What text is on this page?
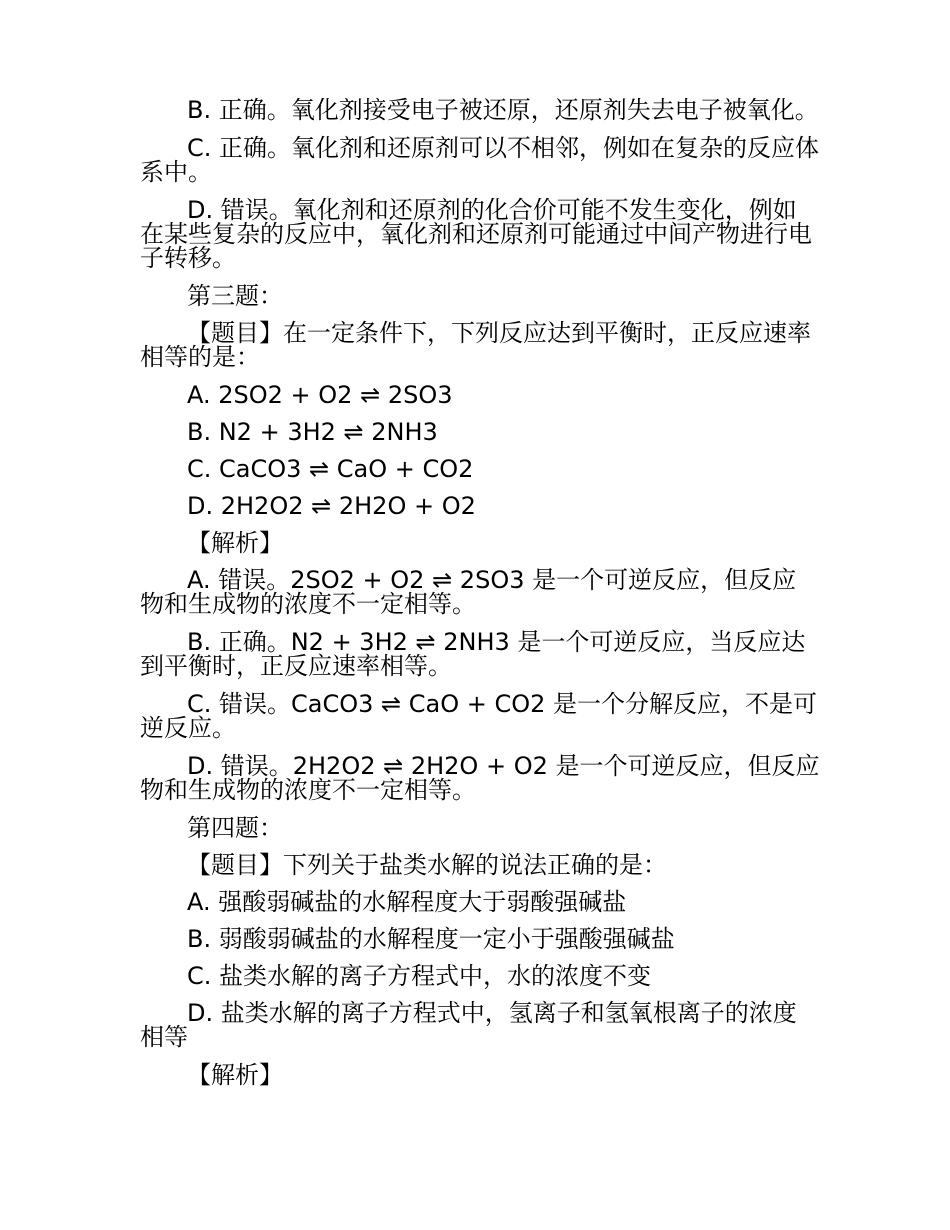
B. 正确。氧化剂接受电子被还原，还原剂失去电子被氧化。

C. 正确。氧化剂和还原剂可以不相邻，例如在复杂的反应体系中。

D. 错误。氧化剂和还原剂的化合价可能不发生变化，例如在某些复杂的反应中，氧化剂和还原剂可能通过中间产物进行电子转移。

第三题：

【题目】在一定条件下，下列反应达到平衡时，正反应速率相等的是：

A. 2SO2 + O2 ⇌ 2SO3

B. N2 + 3H2 ⇌ 2NH3

C. CaCO3 ⇌ CaO + CO2

D. 2H2O2 ⇌ 2H2O + O2

【解析】

A. 错误。2SO2 + O2 ⇌ 2SO3 是一个可逆反应，但反应物和生成物的浓度不一定相等。

B. 正确。N2 + 3H2 ⇌ 2NH3 是一个可逆反应，当反应达到平衡时，正反应速率相等。

C. 错误。CaCO3 ⇌ CaO + CO2 是一个分解反应，不是可逆反应。

D. 错误。2H2O2 ⇌ 2H2O + O2 是一个可逆反应，但反应物和生成物的浓度不一定相等。

第四题：

【题目】下列关于盐类水解的说法正确的是：

A. 强酸弱碱盐的水解程度大于弱酸强碱盐

B. 弱酸弱碱盐的水解程度一定小于强酸强碱盐

C. 盐类水解的离子方程式中，水的浓度不变

D. 盐类水解的离子方程式中，氢离子和氢氧根离子的浓度相等

【解析】
